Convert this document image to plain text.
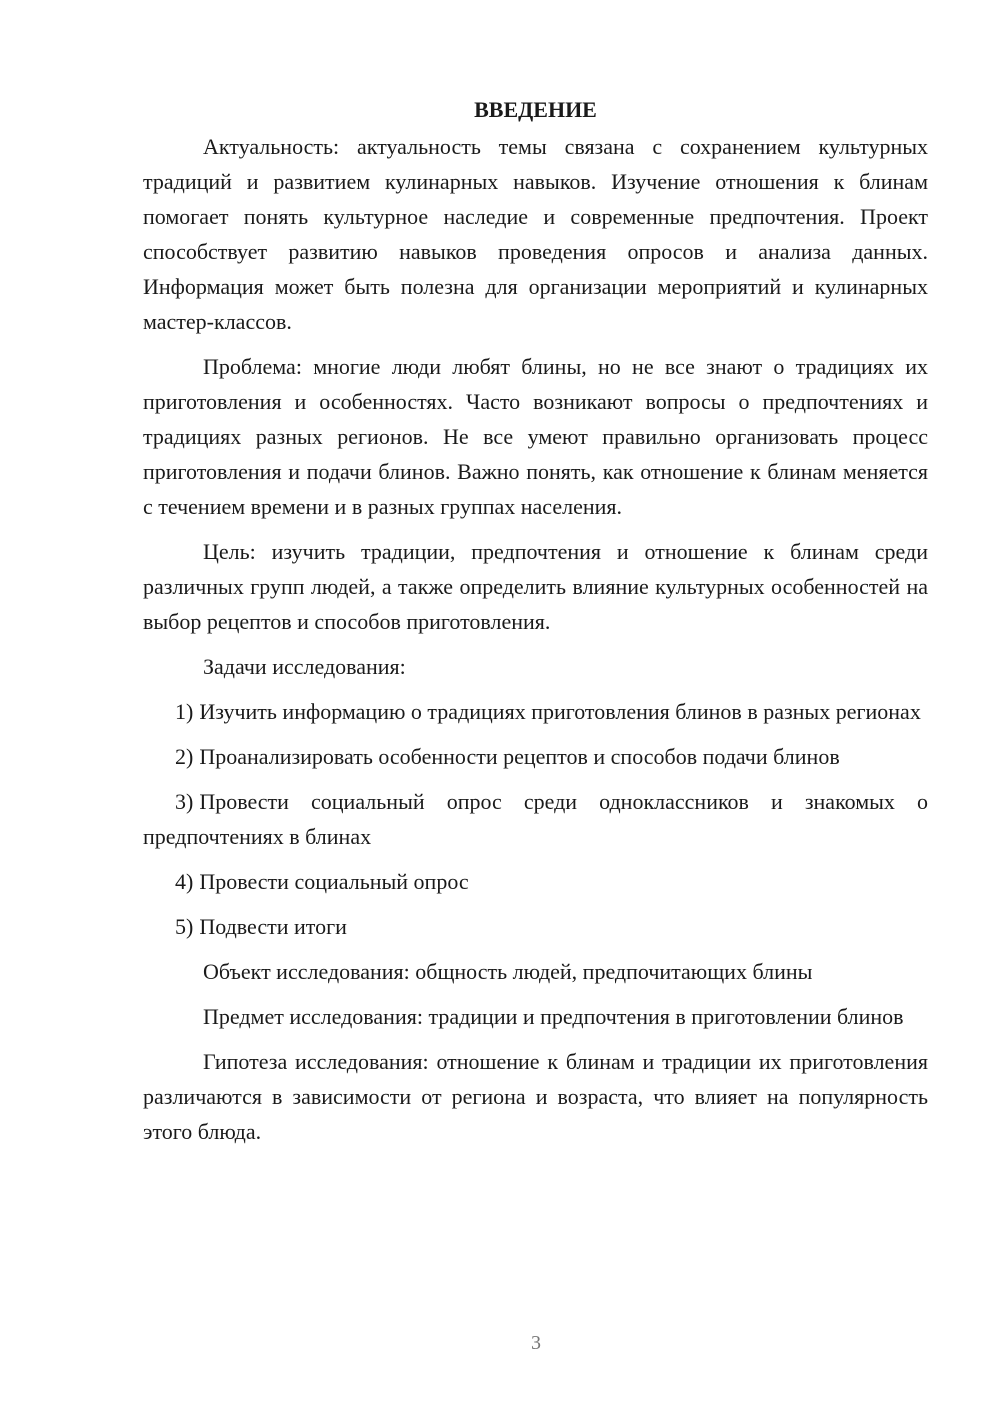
ВВЕДЕНИЕ

Актуальность: актуальность темы связана с сохранением культурных традиций и развитием кулинарных навыков. Изучение отношения к блинам помогает понять культурное наследие и современные предпочтения. Проект способствует развитию навыков проведения опросов и анализа данных. Информация может быть полезна для организации мероприятий и кулинарных мастер-классов.

Проблема: многие люди любят блины, но не все знают о традициях их приготовления и особенностях. Часто возникают вопросы о предпочтениях и традициях разных регионов. Не все умеют правильно организовать процесс приготовления и подачи блинов. Важно понять, как отношение к блинам меняется с течением времени и в разных группах населения.

Цель: изучить традиции, предпочтения и отношение к блинам среди различных групп людей, а также определить влияние культурных особенностей на выбор рецептов и способов приготовления.

Задачи исследования:

1) Изучить информацию о традициях приготовления блинов в разных регионах
2) Проанализировать особенности рецептов и способов подачи блинов
3) Провести социальный опрос среди одноклассников и знакомых о предпочтениях в блинах
4) Провести социальный опрос
5) Подвести итоги

Объект исследования: общность людей, предпочитающих блины

Предмет исследования: традиции и предпочтения в приготовлении блинов

Гипотеза исследования: отношение к блинам и традиции их приготовления различаются в зависимости от региона и возраста, что влияет на популярность этого блюда.

3
